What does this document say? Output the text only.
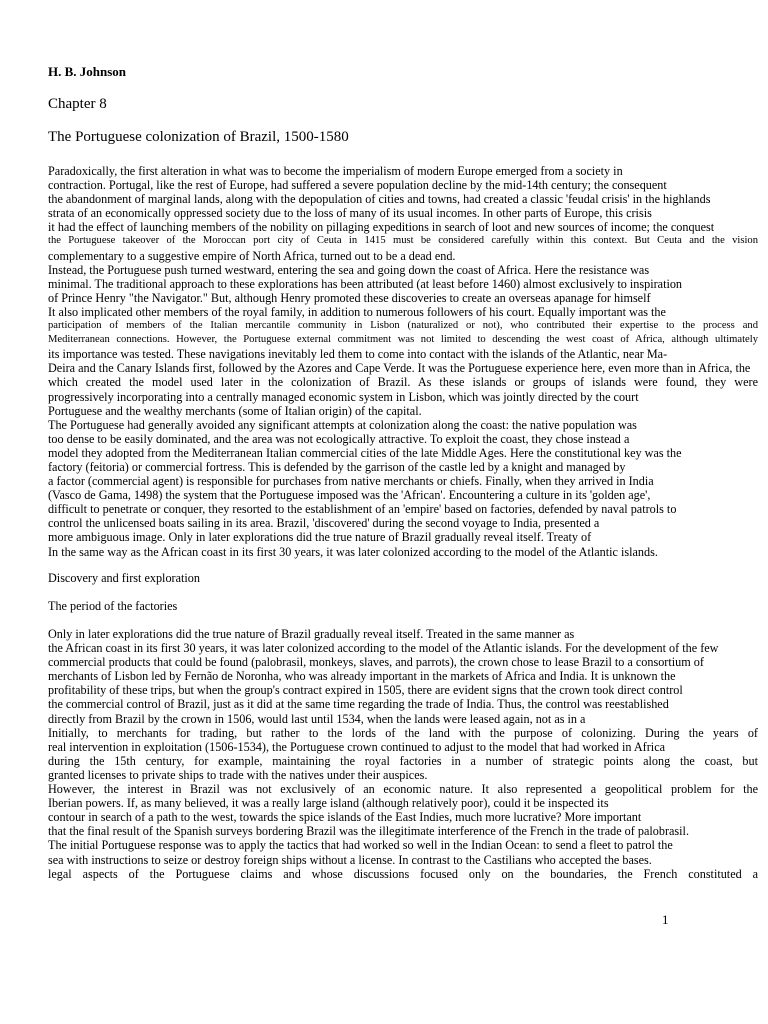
H. B. Johnson
Chapter 8
The Portuguese colonization of Brazil, 1500-1580
Paradoxically, the first alteration in what was to become the imperialism of modern Europe emerged from a society in
contraction. Portugal, like the rest of Europe, had suffered a severe population decline by the mid-14th century; the consequent
the abandonment of marginal lands, along with the depopulation of cities and towns, had created a classic 'feudal crisis' in the highlands
strata of an economically oppressed society due to the loss of many of its usual incomes. In other parts of Europe, this crisis
it had the effect of launching members of the nobility on pillaging expeditions in search of loot and new sources of income; the conquest
the Portuguese takeover of the Moroccan port city of Ceuta in 1415 must be considered carefully within this context. But Ceuta and the vision
complementary to a suggestive empire of North Africa, turned out to be a dead end.
Instead, the Portuguese push turned westward, entering the sea and going down the coast of Africa. Here the resistance was
minimal. The traditional approach to these explorations has been attributed (at least before 1460) almost exclusively to inspiration
of Prince Henry "the Navigator." But, although Henry promoted these discoveries to create an overseas apanage for himself
It also implicated other members of the royal family, in addition to numerous followers of his court. Equally important was the
participation of members of the Italian mercantile community in Lisbon (naturalized or not), who contributed their expertise to the process and
Mediterranean connections. However, the Portuguese external commitment was not limited to descending the west coast of Africa, although ultimately
its importance was tested. These navigations inevitably led them to come into contact with the islands of the Atlantic, near Ma-
Deira and the Canary Islands first, followed by the Azores and Cape Verde. It was the Portuguese experience here, even more than in Africa, the
which created the model used later in the colonization of Brazil. As these islands or groups of islands were found, they were
progressively incorporating into a centrally managed economic system in Lisbon, which was jointly directed by the court
Portuguese and the wealthy merchants (some of Italian origin) of the capital.
The Portuguese had generally avoided any significant attempts at colonization along the coast: the native population was
too dense to be easily dominated, and the area was not ecologically attractive. To exploit the coast, they chose instead a
model they adopted from the Mediterranean Italian commercial cities of the late Middle Ages. Here the constitutional key was the
factory (feitoria) or commercial fortress. This is defended by the garrison of the castle led by a knight and managed by
a factor (commercial agent) is responsible for purchases from native merchants or chiefs. Finally, when they arrived in India
(Vasco de Gama, 1498) the system that the Portuguese imposed was the 'African'. Encountering a culture in its 'golden age',
difficult to penetrate or conquer, they resorted to the establishment of an 'empire' based on factories, defended by naval patrols to
control the unlicensed boats sailing in its area. Brazil, 'discovered' during the second voyage to India, presented a
more ambiguous image. Only in later explorations did the true nature of Brazil gradually reveal itself. Treaty of
In the same way as the African coast in its first 30 years, it was later colonized according to the model of the Atlantic islands.
Discovery and first exploration
The period of the factories
Only in later explorations did the true nature of Brazil gradually reveal itself. Treated in the same manner as
the African coast in its first 30 years, it was later colonized according to the model of the Atlantic islands. For the development of the few
commercial products that could be found (palobrasil, monkeys, slaves, and parrots), the crown chose to lease Brazil to a consortium of
merchants of Lisbon led by Fernão de Noronha, who was already important in the markets of Africa and India. It is unknown the
profitability of these trips, but when the group's contract expired in 1505, there are evident signs that the crown took direct control
the commercial control of Brazil, just as it did at the same time regarding the trade of India. Thus, the control was reestablished
directly from Brazil by the crown in 1506, would last until 1534, when the lands were leased again, not as in a
Initially, to merchants for trading, but rather to the lords of the land with the purpose of colonizing. During the years of
real intervention in exploitation (1506-1534), the Portuguese crown continued to adjust to the model that had worked in Africa
during the 15th century, for example, maintaining the royal factories in a number of strategic points along the coast, but
granted licenses to private ships to trade with the natives under their auspices.
However, the interest in Brazil was not exclusively of an economic nature. It also represented a geopolitical problem for the
Iberian powers. If, as many believed, it was a really large island (although relatively poor), could it be inspected its
contour in search of a path to the west, towards the spice islands of the East Indies, much more lucrative? More important
that the final result of the Spanish surveys bordering Brazil was the illegitimate interference of the French in the trade of palobrasil.
The initial Portuguese response was to apply the tactics that had worked so well in the Indian Ocean: to send a fleet to patrol the
sea with instructions to seize or destroy foreign ships without a license. In contrast to the Castilians who accepted the bases.
legal aspects of the Portuguese claims and whose discussions focused only on the boundaries, the French constituted a
1
